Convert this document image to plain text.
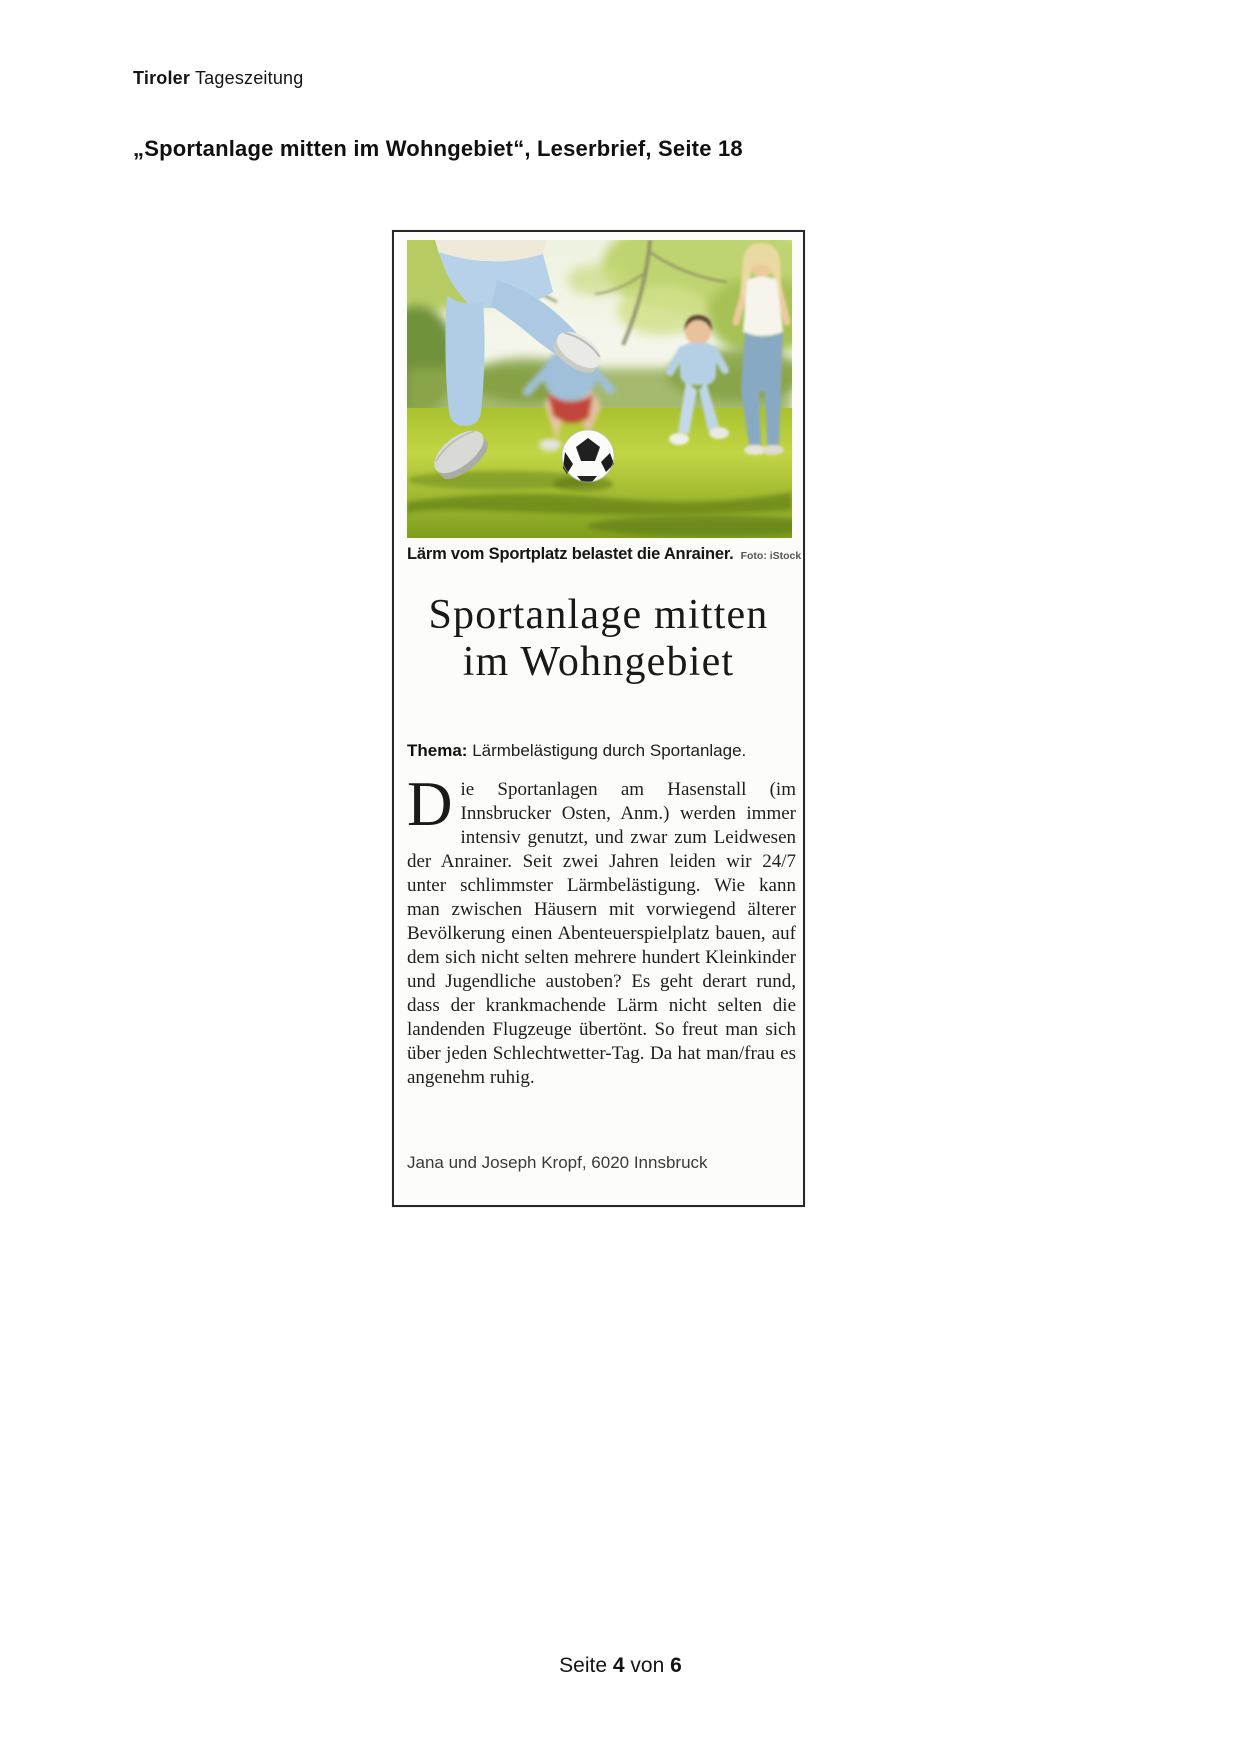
Tiroler Tageszeitung
„Sportanlage mitten im Wohngebiet“, Leserbrief, Seite 18
Lärm vom Sportplatz belastet die Anrainer. Foto: iStock
Sportanlage mitten
im Wohngebiet

Thema: Lärmbelästigung durch Sportanlage.

Die Sportanlagen am Hasenstall (im Innsbrucker Osten, Anm.) werden immer intensiv genutzt, und zwar zum Leidwesen der Anrainer. Seit zwei Jahren leiden wir 24/7 unter schlimmster Lärmbelästigung. Wie kann man zwischen Häusern mit vorwiegend älterer Bevölkerung einen Abenteuerspielplatz bauen, auf dem sich nicht selten mehrere hundert Kleinkinder und Jugendliche austoben? Es geht derart rund, dass der krankmachende Lärm nicht selten die landenden Flugzeuge übertönt. So freut man sich über jeden Schlechtwetter-Tag. Da hat man/frau es angenehm ruhig.

Jana und Joseph Kropf, 6020 Innsbruck

Seite 4 von 6
